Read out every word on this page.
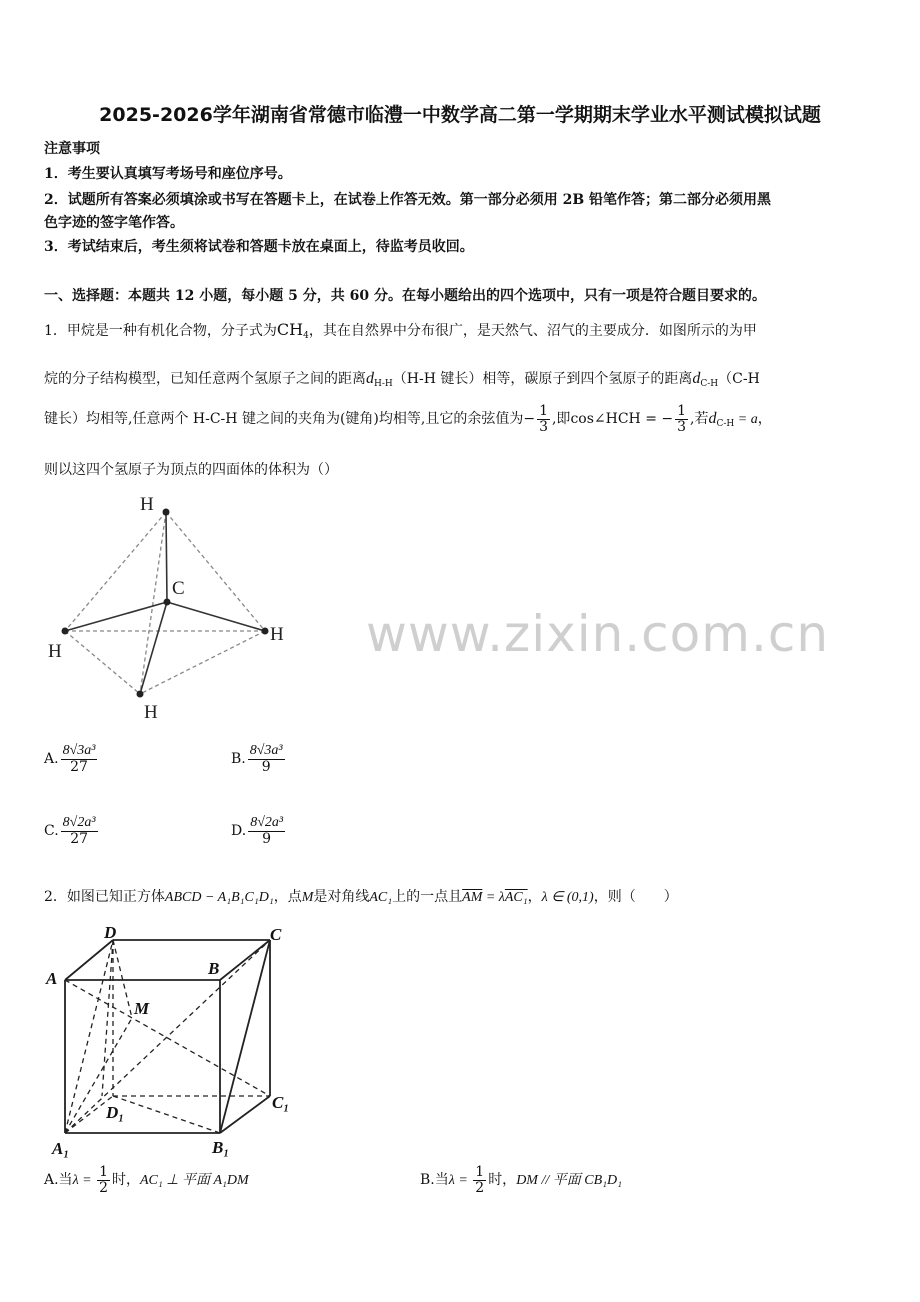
2025-2026学年湖南省常德市临澧一中数学高二第一学期期末学业水平测试模拟试题
注意事项
1．考生要认真填写考场号和座位序号。
2．试题所有答案必须填涂或书写在答题卡上，在试卷上作答无效。第一部分必须用 2B 铅笔作答；第二部分必须用黑
色字迹的签字笔作答。
3．考试结束后，考生须将试卷和答题卡放在桌面上，待监考员收回。
一、选择题：本题共 12 小题，每小题 5 分，共 60 分。在每小题给出的四个选项中，只有一项是符合题目要求的。
1．甲烷是一种有机化合物，分子式为$CH_4$，其在自然界中分布很广，是天然气、沼气的主要成分．如图所示的为甲
烷的分子结构模型，已知任意两个氢原子之间的距离$d_{H-H}(H-H$ 键长）相等，碳原子到四个氢原子的距离$d_{C-H}(C-H$
键长）均相等,任意两个 H-C-H 键之间的夹角为(键角)均相等,且它的余弦值为− $\frac{1}{3}$ ,即cos∠HCH = − $\frac{1}{3}$ ,若$d_{C-H} = a$，
则以这四个氢原子为顶点的四面体的体积为（）
H
C
H
H
H
www.zixin.com.cn
A. $\frac{\text{8√3a³}}{27}$	B. $\frac{\text{8√3a³}}{9}$
C. $\frac{\text{8√2a³}}{27}$	D. $\frac{\text{8√2a³}}{9}$
2．如图已知正方体ABCD − A₁B₁C₁D₁，点M是对角线AC₁上的一点且$\overline{AM} = \lambda AC_1$，λ ∈ (0,1)，则（　　）
A
B
C
D
M
A₁	B₁
C₁
D₁
A.当$\lambda = \frac{1}{2}$ 时，AC₁ ⊥ 平面 A₁DM	B.当$\lambda = \frac{1}{2}$ 时，DM // 平面 CB₁D₁
